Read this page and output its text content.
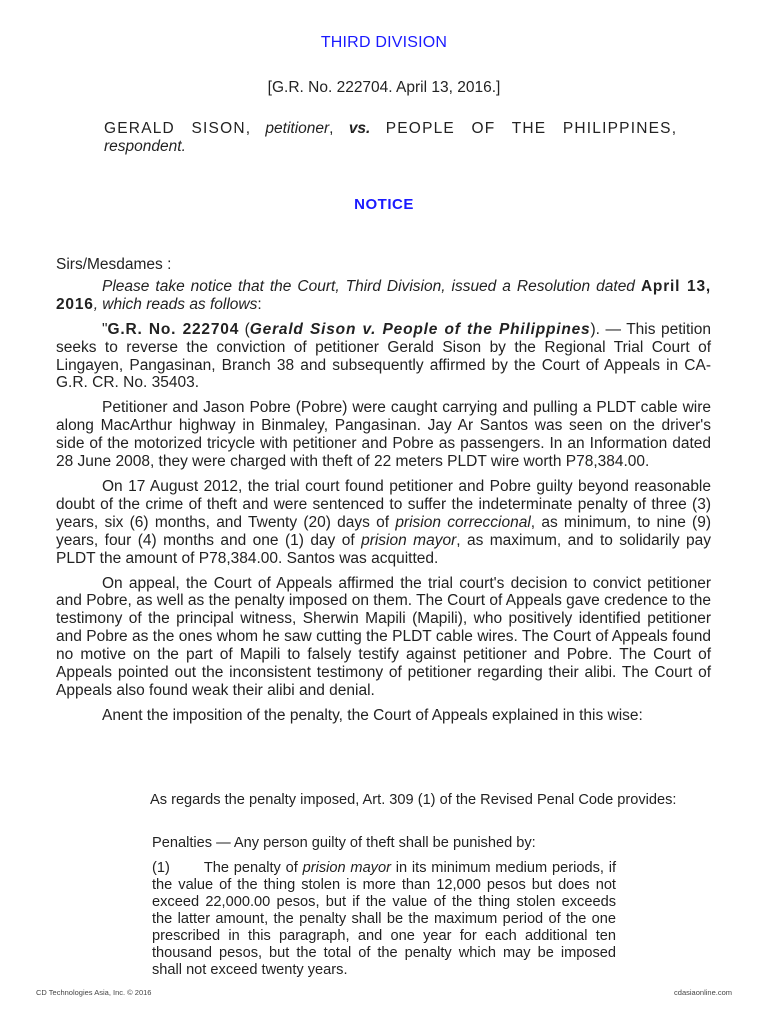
THIRD DIVISION
[G.R. No. 222704. April 13, 2016.]
GERALD SISON, petitioner, vs. PEOPLE OF THE PHILIPPINES, respondent.
NOTICE

Sirs/Mesdames :

Please take notice that the Court, Third Division, issued a Resolution dated April 13, 2016, which reads as follows:

"G.R. No. 222704 (Gerald Sison v. People of the Philippines). — This petition seeks to reverse the conviction of petitioner Gerald Sison by the Regional Trial Court of Lingayen, Pangasinan, Branch 38 and subsequently affirmed by the Court of Appeals in CA-G.R. CR. No. 35403.

Petitioner and Jason Pobre (Pobre) were caught carrying and pulling a PLDT cable wire along MacArthur highway in Binmaley, Pangasinan. Jay Ar Santos was seen on the driver's side of the motorized tricycle with petitioner and Pobre as passengers. In an Information dated 28 June 2008, they were charged with theft of 22 meters PLDT wire worth P78,384.00.

On 17 August 2012, the trial court found petitioner and Pobre guilty beyond reasonable doubt of the crime of theft and were sentenced to suffer the indeterminate penalty of three (3) years, six (6) months, and Twenty (20) days of prision correccional, as minimum, to nine (9) years, four (4) months and one (1) day of prision mayor, as maximum, and to solidarily pay PLDT the amount of P78,384.00. Santos was acquitted.

On appeal, the Court of Appeals affirmed the trial court's decision to convict petitioner and Pobre, as well as the penalty imposed on them. The Court of Appeals gave credence to the testimony of the principal witness, Sherwin Mapili (Mapili), who positively identified petitioner and Pobre as the ones whom he saw cutting the PLDT cable wires. The Court of Appeals found no motive on the part of Mapili to falsely testify against petitioner and Pobre. The Court of Appeals pointed out the inconsistent testimony of petitioner regarding their alibi. The Court of Appeals also found weak their alibi and denial.

Anent the imposition of the penalty, the Court of Appeals explained in this wise:

As regards the penalty imposed, Art. 309 (1) of the Revised Penal Code provides:

Penalties — Any person guilty of theft shall be punished by:

(1) The penalty of prision mayor in its minimum medium periods, if the value of the thing stolen is more than 12,000 pesos but does not exceed 22,000.00 pesos, but if the value of the thing stolen exceeds the latter amount, the penalty shall be the maximum period of the one prescribed in this paragraph, and one year for each additional ten thousand pesos, but the total of the penalty which may be imposed shall not exceed twenty years.

CD Technologies Asia, Inc. © 2016	cdasiaonline.com
